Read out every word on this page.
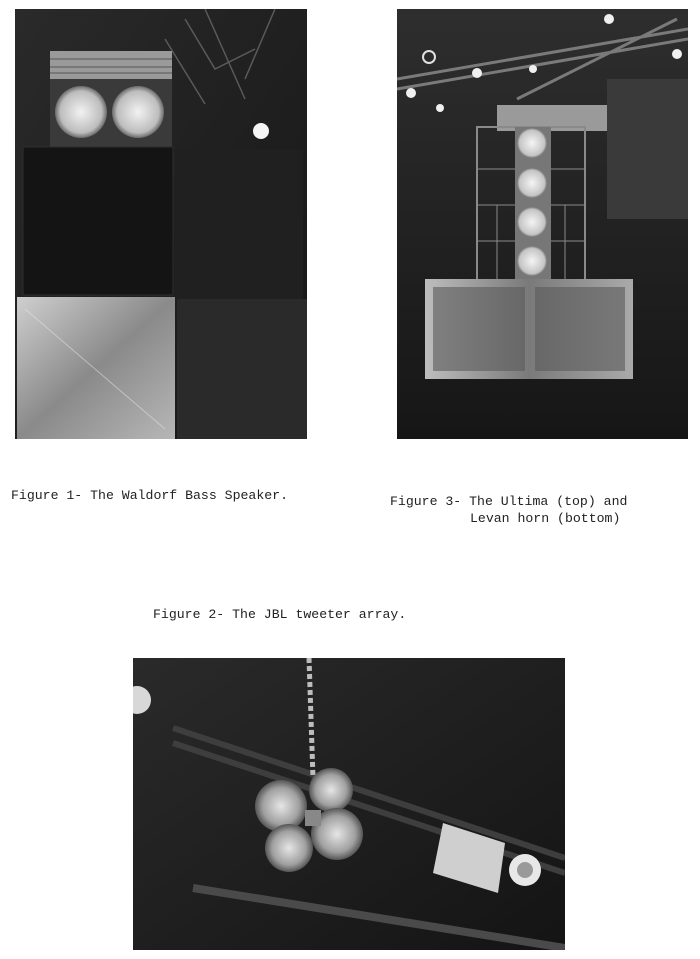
Figure 1- The Waldorf Bass Speaker.	Figure 3- The Ultima (top) and
Levan horn (bottom)
Figure 2- The JBL tweeter array.
